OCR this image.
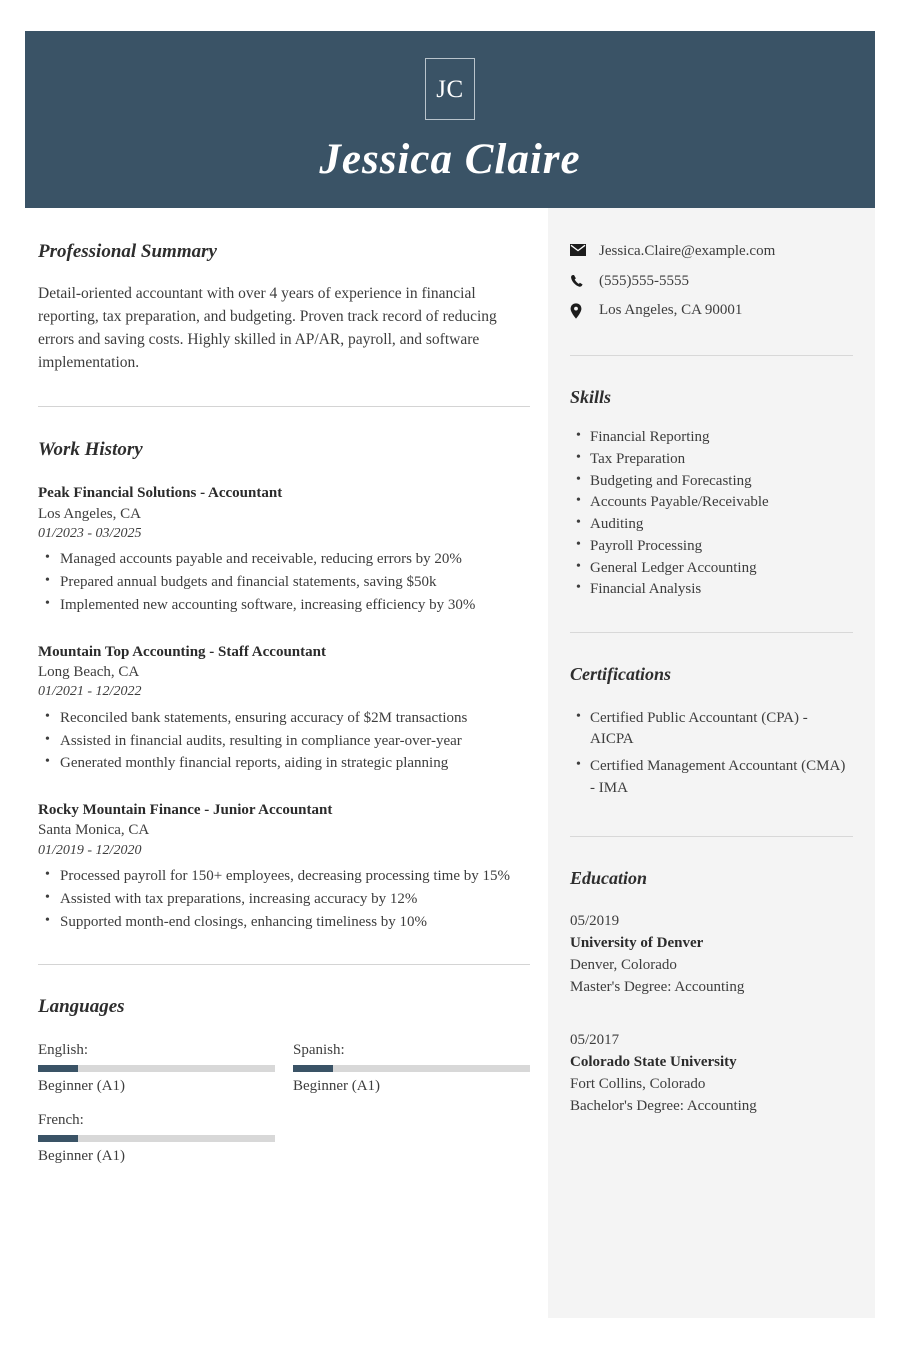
JC
Jessica Claire
Professional Summary

Detail-oriented accountant with over 4 years of experience in financial reporting, tax preparation, and budgeting. Proven track record of reducing errors and saving costs. Highly skilled in AP/AR, payroll, and software implementation.

Work History
Peak Financial Solutions - Accountant
Los Angeles, CA
01/2023 - 03/2025
• Managed accounts payable and receivable, reducing errors by 20%
• Prepared annual budgets and financial statements, saving $50k
• Implemented new accounting software, increasing efficiency by 30%
Mountain Top Accounting - Staff Accountant
Long Beach, CA
01/2021 - 12/2022
• Reconciled bank statements, ensuring accuracy of $2M transactions
• Assisted in financial audits, resulting in compliance year-over-year
• Generated monthly financial reports, aiding in strategic planning
Rocky Mountain Finance - Junior Accountant
Santa Monica, CA
01/2019 - 12/2020
• Processed payroll for 150+ employees, decreasing processing time by 15%
• Assisted with tax preparations, increasing accuracy by 12%
• Supported month-end closings, enhancing timeliness by 10%
Languages

English:

Beginner (A1)

Spanish:

Beginner (A1)

French:

Beginner (A1)

Jessica.Claire@example.com
(555)555-5555
Los Angeles, CA 90001
Skills
• Financial Reporting
• Tax Preparation
• Budgeting and Forecasting
• Accounts Payable/Receivable
• Auditing
• Payroll Processing
• General Ledger Accounting
• Financial Analysis
Certifications
• Certified Public Accountant (CPA) - AICPA
• Certified Management Accountant (CMA) - IMA
Education

05/2019

University of Denver

Denver, Colorado

Master's Degree: Accounting

05/2017

Colorado State University

Fort Collins, Colorado

Bachelor's Degree: Accounting
